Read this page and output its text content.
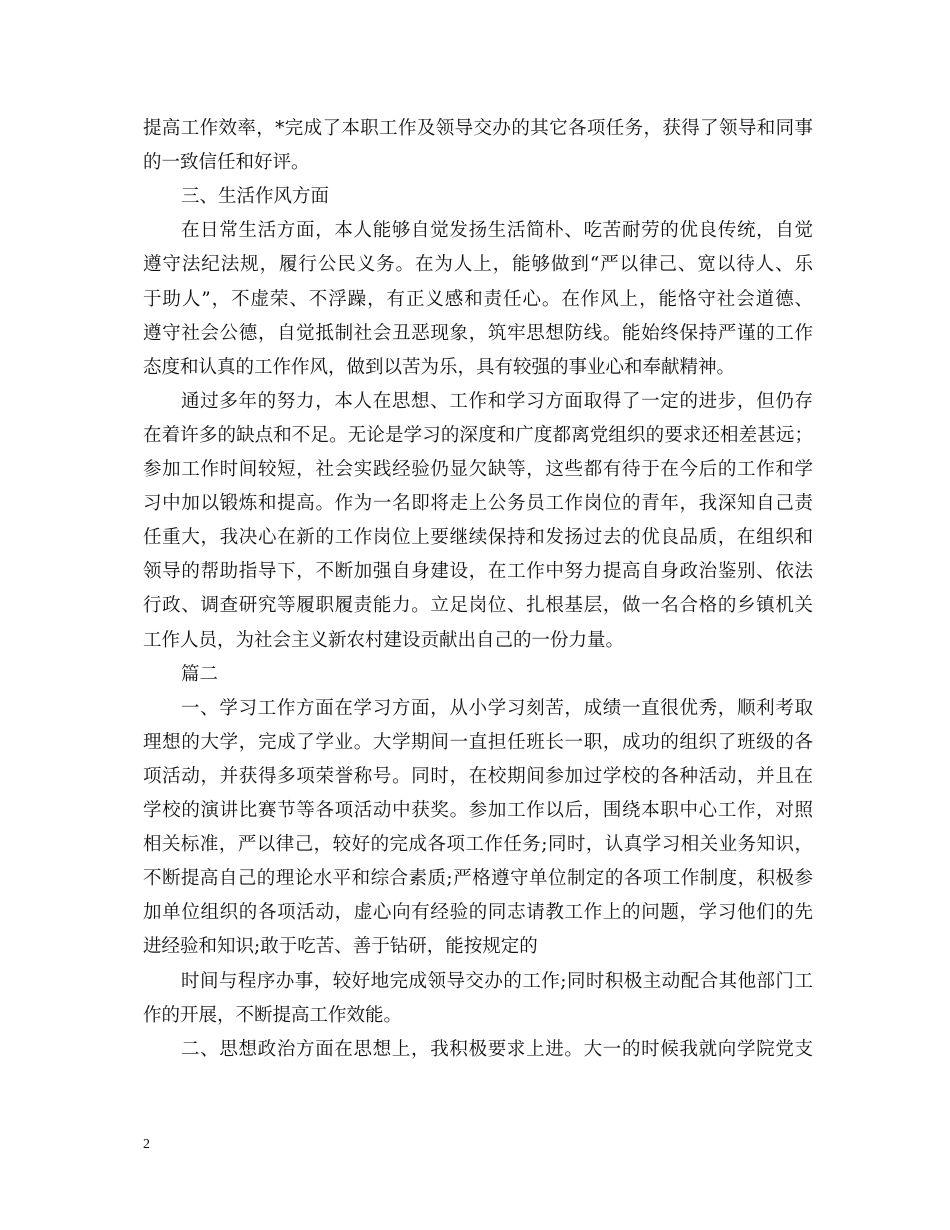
提高工作效率，*完成了本职工作及领导交办的其它各项任务，获得了领导和同事
的一致信任和好评。
三、生活作风方面
在日常生活方面，本人能够自觉发扬生活简朴、吃苦耐劳的优良传统，自觉
遵守法纪法规，履行公民义务。在为人上，能够做到“严以律己、宽以待人、乐
于助人”，不虚荣、不浮躁，有正义感和责任心。在作风上，能恪守社会道德、
遵守社会公德，自觉抵制社会丑恶现象，筑牢思想防线。能始终保持严谨的工作
态度和认真的工作作风，做到以苦为乐，具有较强的事业心和奉献精神。
通过多年的努力，本人在思想、工作和学习方面取得了一定的进步，但仍存
在着许多的缺点和不足。无论是学习的深度和广度都离党组织的要求还相差甚远；
参加工作时间较短，社会实践经验仍显欠缺等，这些都有待于在今后的工作和学
习中加以锻炼和提高。作为一名即将走上公务员工作岗位的青年，我深知自己责
任重大，我决心在新的工作岗位上要继续保持和发扬过去的优良品质，在组织和
领导的帮助指导下，不断加强自身建设，在工作中努力提高自身政治鉴别、依法
行政、调查研究等履职履责能力。立足岗位、扎根基层，做一名合格的乡镇机关
工作人员，为社会主义新农村建设贡献出自己的一份力量。
篇二
一、学习工作方面在学习方面，从小学习刻苦，成绩一直很优秀，顺利考取
理想的大学，完成了学业。大学期间一直担任班长一职，成功的组织了班级的各
项活动，并获得多项荣誉称号。同时，在校期间参加过学校的各种活动，并且在
学校的演讲比赛节等各项活动中获奖。参加工作以后，围绕本职中心工作，对照
相关标准，严以律己，较好的完成各项工作任务;同时，认真学习相关业务知识，
不断提高自己的理论水平和综合素质;严格遵守单位制定的各项工作制度，积极参
加单位组织的各项活动，虚心向有经验的同志请教工作上的问题，学习他们的先
进经验和知识;敢于吃苦、善于钻研，能按规定的
时间与程序办事，较好地完成领导交办的工作;同时积极主动配合其他部门工
作的开展，不断提高工作效能。
二、思想政治方面在思想上，我积极要求上进。大一的时候我就向学院党支
2
